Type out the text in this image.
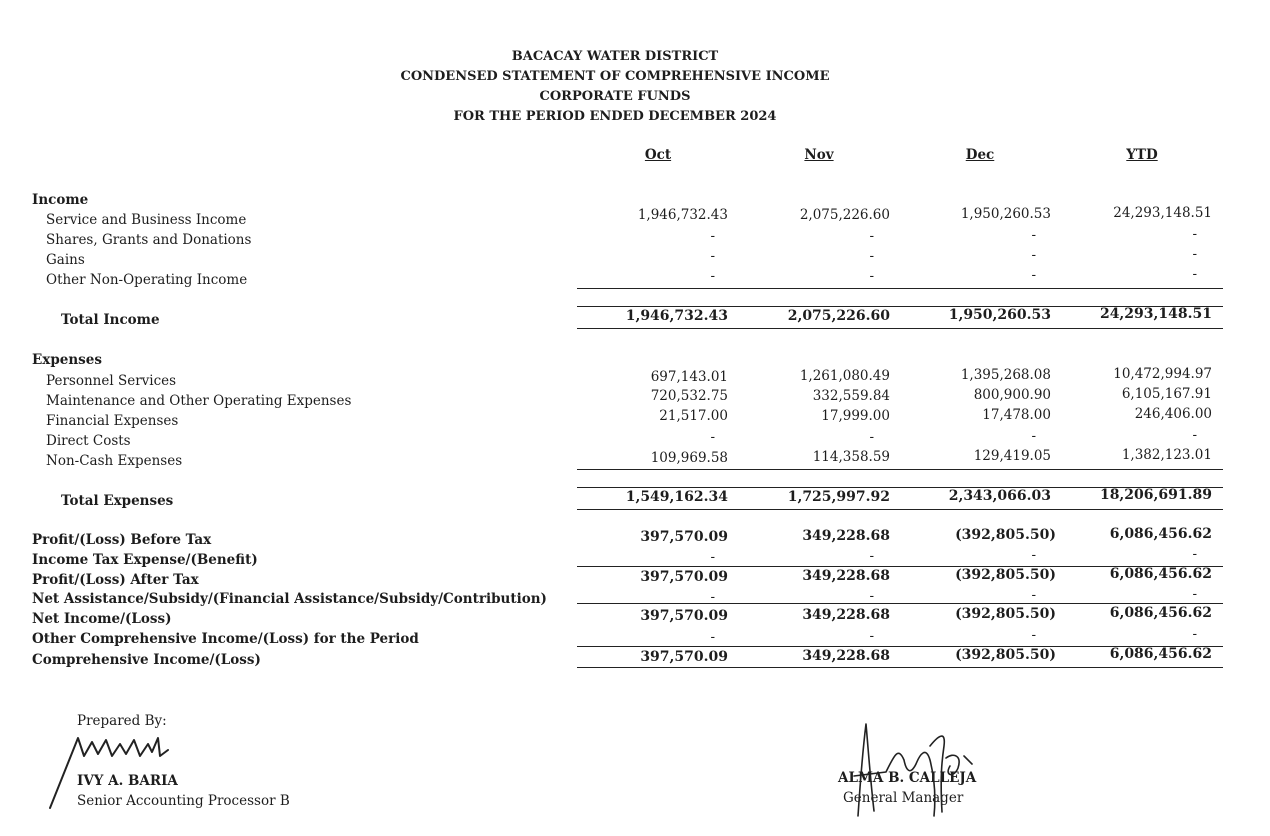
BACACAY WATER DISTRICT
CONDENSED STATEMENT OF COMPREHENSIVE INCOME
CORPORATE FUNDS
FOR THE PERIOD ENDED DECEMBER 2024
Oct	Nov	Dec	YTD
Income
Service and Business Income	1,946,732.43	2,075,226.60	1,950,260.53	24,293,148.51
Shares, Grants and Donations	-	-	-	-
Gains	-	-	-	-
Other Non-Operating Income	-	-	-	-
Total Income	1,946,732.43	2,075,226.60	1,950,260.53	24,293,148.51
Expenses
Personnel Services	697,143.01	1,261,080.49	1,395,268.08	10,472,994.97
Maintenance and Other Operating Expenses	720,532.75	332,559.84	800,900.90	6,105,167.91
Financial Expenses	21,517.00	17,999.00	17,478.00	246,406.00
Direct Costs	-	-	-	-
Non-Cash Expenses	109,969.58	114,358.59	129,419.05	1,382,123.01
Total Expenses	1,549,162.34	1,725,997.92	2,343,066.03	18,206,691.89
Profit/(Loss) Before Tax	397,570.09	349,228.68	(392,805.50)	6,086,456.62
Income Tax Expense/(Benefit)	-	-	-	-
Profit/(Loss) After Tax	397,570.09	349,228.68	(392,805.50)	6,086,456.62
Net Assistance/Subsidy/(Financial Assistance/Subsidy/Contribution)	-	-	-	-
Net Income/(Loss)	397,570.09	349,228.68	(392,805.50)	6,086,456.62
Other Comprehensive Income/(Loss) for the Period	-	-	-	-
Comprehensive Income/(Loss)	397,570.09	349,228.68	(392,805.50)	6,086,456.62
Prepared By:
IVY A. BARIA
Senior Accounting Processor B
ALMA B. CALLEJA
General Manager
